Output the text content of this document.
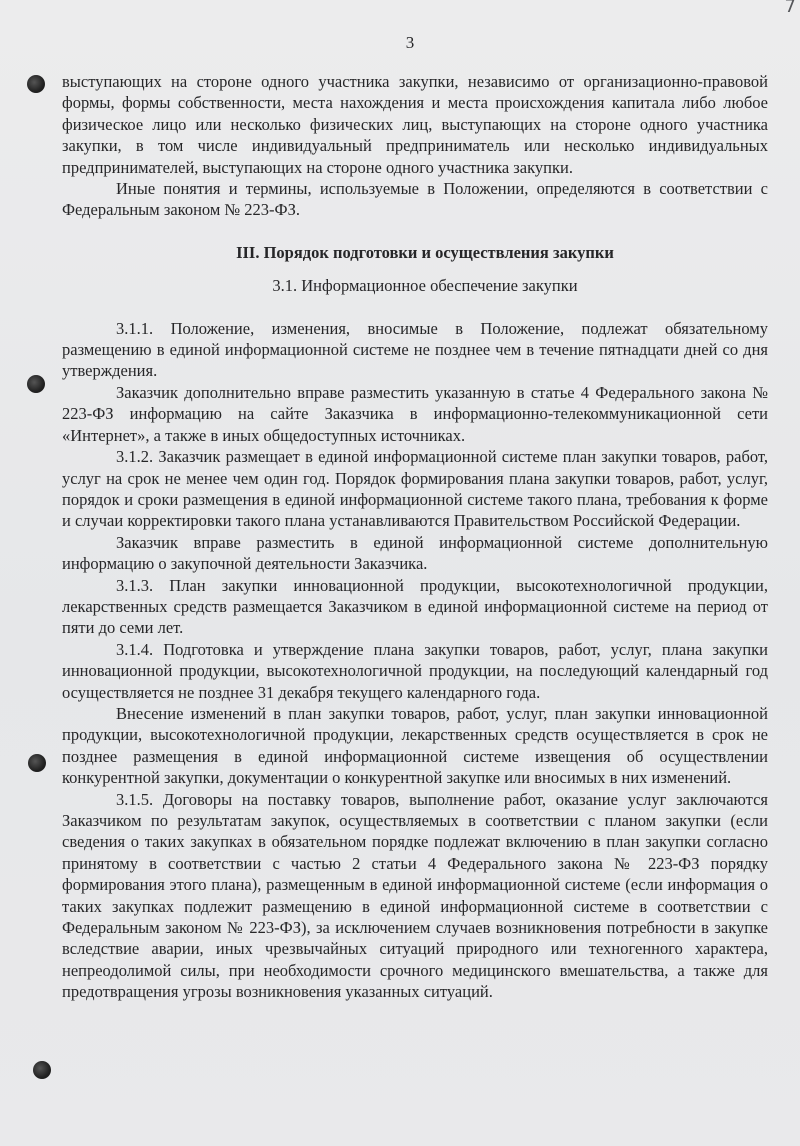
3
7

выступающих на стороне одного участника закупки, независимо от организационно-правовой формы, формы собственности, места нахождения и места происхождения капитала либо любое физическое лицо или несколько физических лиц, выступающих на стороне одного участника закупки, в том числе индивидуальный предприниматель или несколько индивидуальных предпринимателей, выступающих на стороне одного участника закупки.

Иные понятия и термины, используемые в Положении, определяются в соответствии с Федеральным законом № 223-ФЗ.

III. Порядок подготовки и осуществления закупки

3.1. Информационное обеспечение закупки

3.1.1. Положение, изменения, вносимые в Положение, подлежат обязательному размещению в единой информационной системе не позднее чем в течение пятнадцати дней со дня утверждения.

Заказчик дополнительно вправе разместить указанную в статье 4 Федерального закона № 223-ФЗ информацию на сайте Заказчика в информационно-телекоммуникационной сети «Интернет», а также в иных общедоступных источниках.

3.1.2. Заказчик размещает в единой информационной системе план закупки товаров, работ, услуг на срок не менее чем один год. Порядок формирования плана закупки товаров, работ, услуг, порядок и сроки размещения в единой информационной системе такого плана, требования к форме и случаи корректировки такого плана устанавливаются Правительством Российской Федерации.

Заказчик вправе разместить в единой информационной системе дополнительную информацию о закупочной деятельности Заказчика.

3.1.3. План закупки инновационной продукции, высокотехнологичной продукции, лекарственных средств размещается Заказчиком в единой информационной системе на период от пяти до семи лет.

3.1.4. Подготовка и утверждение плана закупки товаров, работ, услуг, плана закупки инновационной продукции, высокотехнологичной продукции, на последующий календарный год осуществляется не позднее 31 декабря текущего календарного года.

Внесение изменений в план закупки товаров, работ, услуг, план закупки инновационной продукции, высокотехнологичной продукции, лекарственных средств осуществляется в срок не позднее размещения в единой информационной системе извещения об осуществлении конкурентной закупки, документации о конкурентной закупке или вносимых в них изменений.

3.1.5. Договоры на поставку товаров, выполнение работ, оказание услуг заключаются Заказчиком по результатам закупок, осуществляемых в соответствии с планом закупки (если сведения о таких закупках в обязательном порядке подлежат включению в план закупки согласно принятому в соответствии с частью 2 статьи 4 Федерального закона № 223-ФЗ порядку формирования этого плана), размещенным в единой информационной системе (если информация о таких закупках подлежит размещению в единой информационной системе в соответствии с Федеральным законом № 223-ФЗ), за исключением случаев возникновения потребности в закупке вследствие аварии, иных чрезвычайных ситуаций природного или техногенного характера, непреодолимой силы, при необходимости срочного медицинского вмешательства, а также для предотвращения угрозы возникновения указанных ситуаций.
